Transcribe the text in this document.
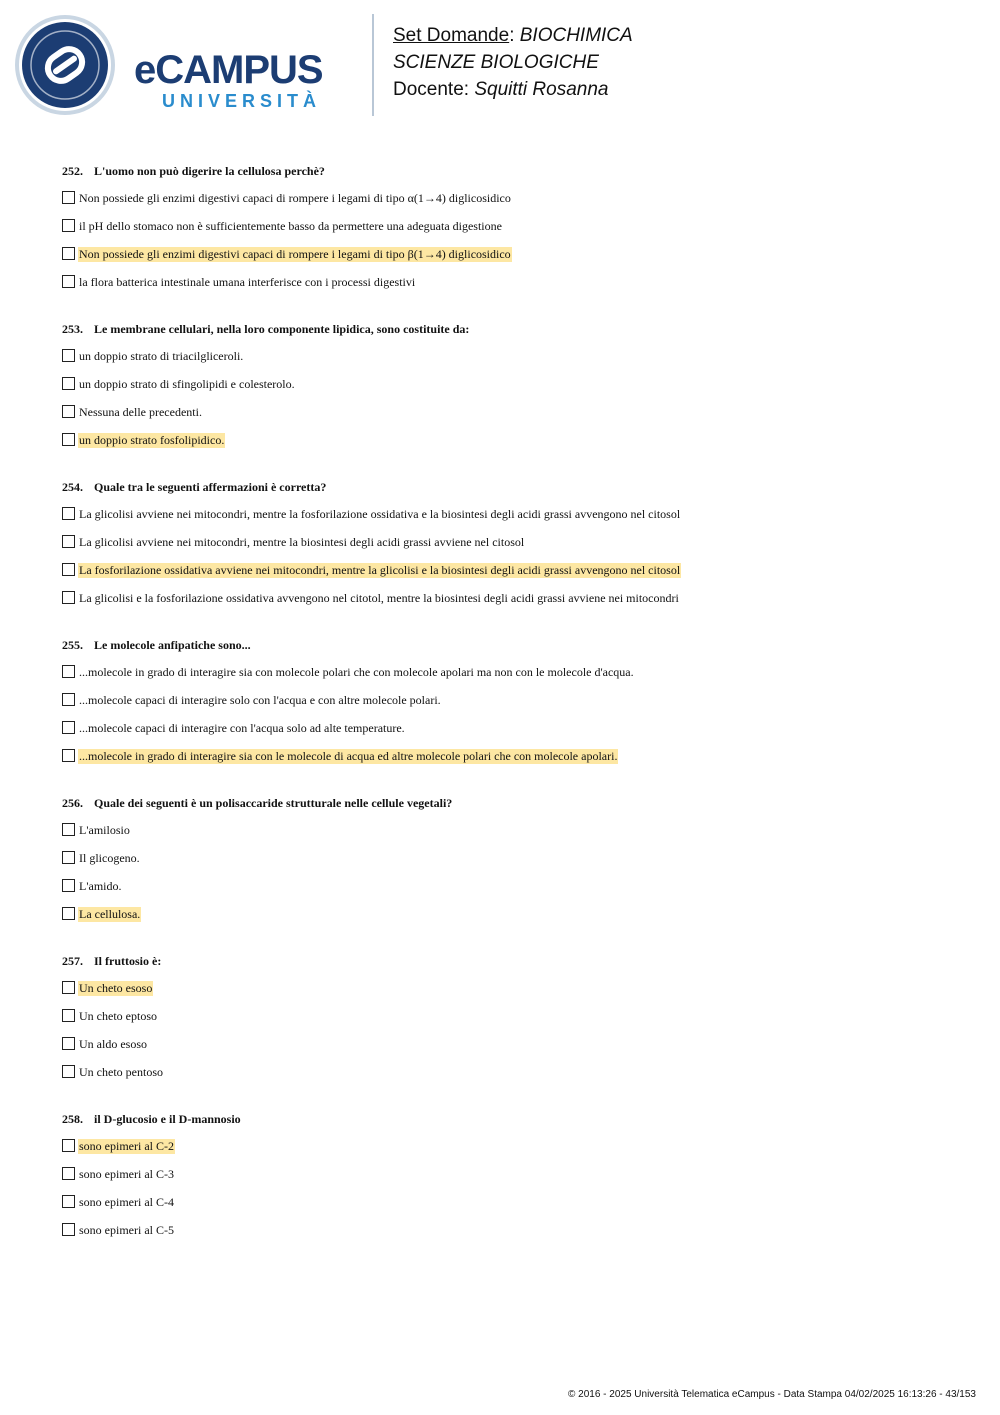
eCAMPUS
UNIVERSITÀ
Set Domande: BIOCHIMICA
SCIENZE BIOLOGICHE
Docente: Squitti Rosanna
252. L'uomo non può digerire la cellulosa perchè?
Non possiede gli enzimi digestivi capaci di rompere i legami di tipo α(1→4) diglicosidico
il pH dello stomaco non è sufficientemente basso da permettere una adeguata digestione
Non possiede gli enzimi digestivi capaci di rompere i legami di tipo β(1→4) diglicosidico
la flora batterica intestinale umana interferisce con i processi digestivi
253. Le membrane cellulari, nella loro componente lipidica, sono costituite da:
un doppio strato di triacilgliceroli.
un doppio strato di sfingolipidi e colesterolo.
Nessuna delle precedenti.
un doppio strato fosfolipidico.
254. Quale tra le seguenti affermazioni è corretta?
La glicolisi avviene nei mitocondri, mentre la fosforilazione ossidativa e la biosintesi degli acidi grassi avvengono nel citosol
La glicolisi avviene nei mitocondri, mentre la biosintesi degli acidi grassi avviene nel citosol
La fosforilazione ossidativa avviene nei mitocondri, mentre la glicolisi e la biosintesi degli acidi grassi avvengono nel citosol
La glicolisi e la fosforilazione ossidativa avvengono nel citotol, mentre la biosintesi degli acidi grassi avviene nei mitocondri
255. Le molecole anfipatiche sono...
...molecole in grado di interagire sia con molecole polari che con molecole apolari ma non con le molecole d'acqua.
...molecole capaci di interagire solo con l'acqua e con altre molecole polari.
...molecole capaci di interagire con l'acqua solo ad alte temperature.
...molecole in grado di interagire sia con le molecole di acqua ed altre molecole polari che con molecole apolari.
256. Quale dei seguenti è un polisaccaride strutturale nelle cellule vegetali?
L'amilosio
Il glicogeno.
L'amido.
La cellulosa.
257. Il fruttosio è:
Un cheto esoso
Un cheto eptoso
Un aldo esoso
Un cheto pentoso
258. il D-glucosio e il D-mannosio
sono epimeri al C-2
sono epimeri al C-3
sono epimeri al C-4
sono epimeri al C-5
© 2016 - 2025 Università Telematica eCampus - Data Stampa 04/02/2025 16:13:26 - 43/153
